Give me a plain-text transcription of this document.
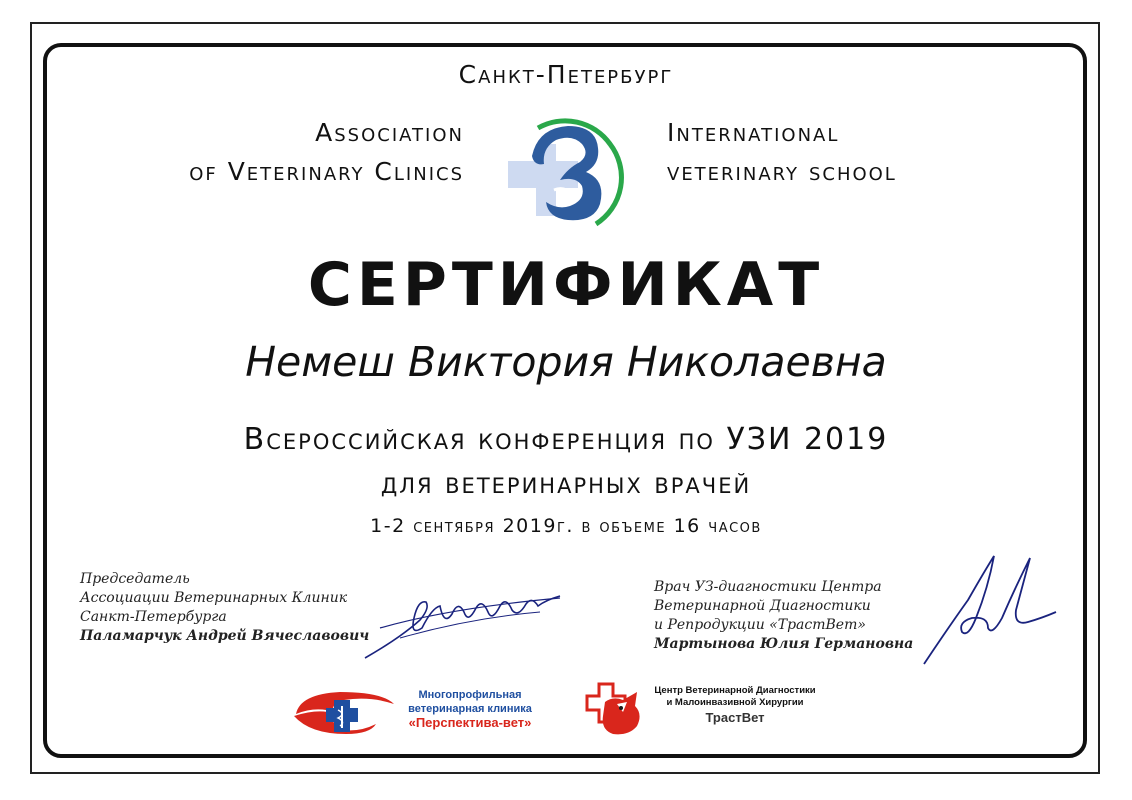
Санкт-Петербург
Association
of Veterinary Clinics
International
veterinary school
СЕРТИФИКАТ
Немеш Виктория Николаевна
Всероссийская конференция по УЗИ 2019
для ветеринарных врачей
1-2 сентября 2019г. в объеме 16 часов
Председатель
Ассоциации Ветеринарных Клиник
Санкт-Петербурга
Паламарчук Андрей Вячеславович
Врач УЗ-диагностики Центра
Ветеринарной Диагностики
и Репродукции «ТрастВет»
Мартынова Юлия Германовна
Многопрофильная
ветеринарная клиника
«Перспектива-вет»
Центр Ветеринарной Диагностики
и Малоинвазивной Хирургии
ТрастВет
